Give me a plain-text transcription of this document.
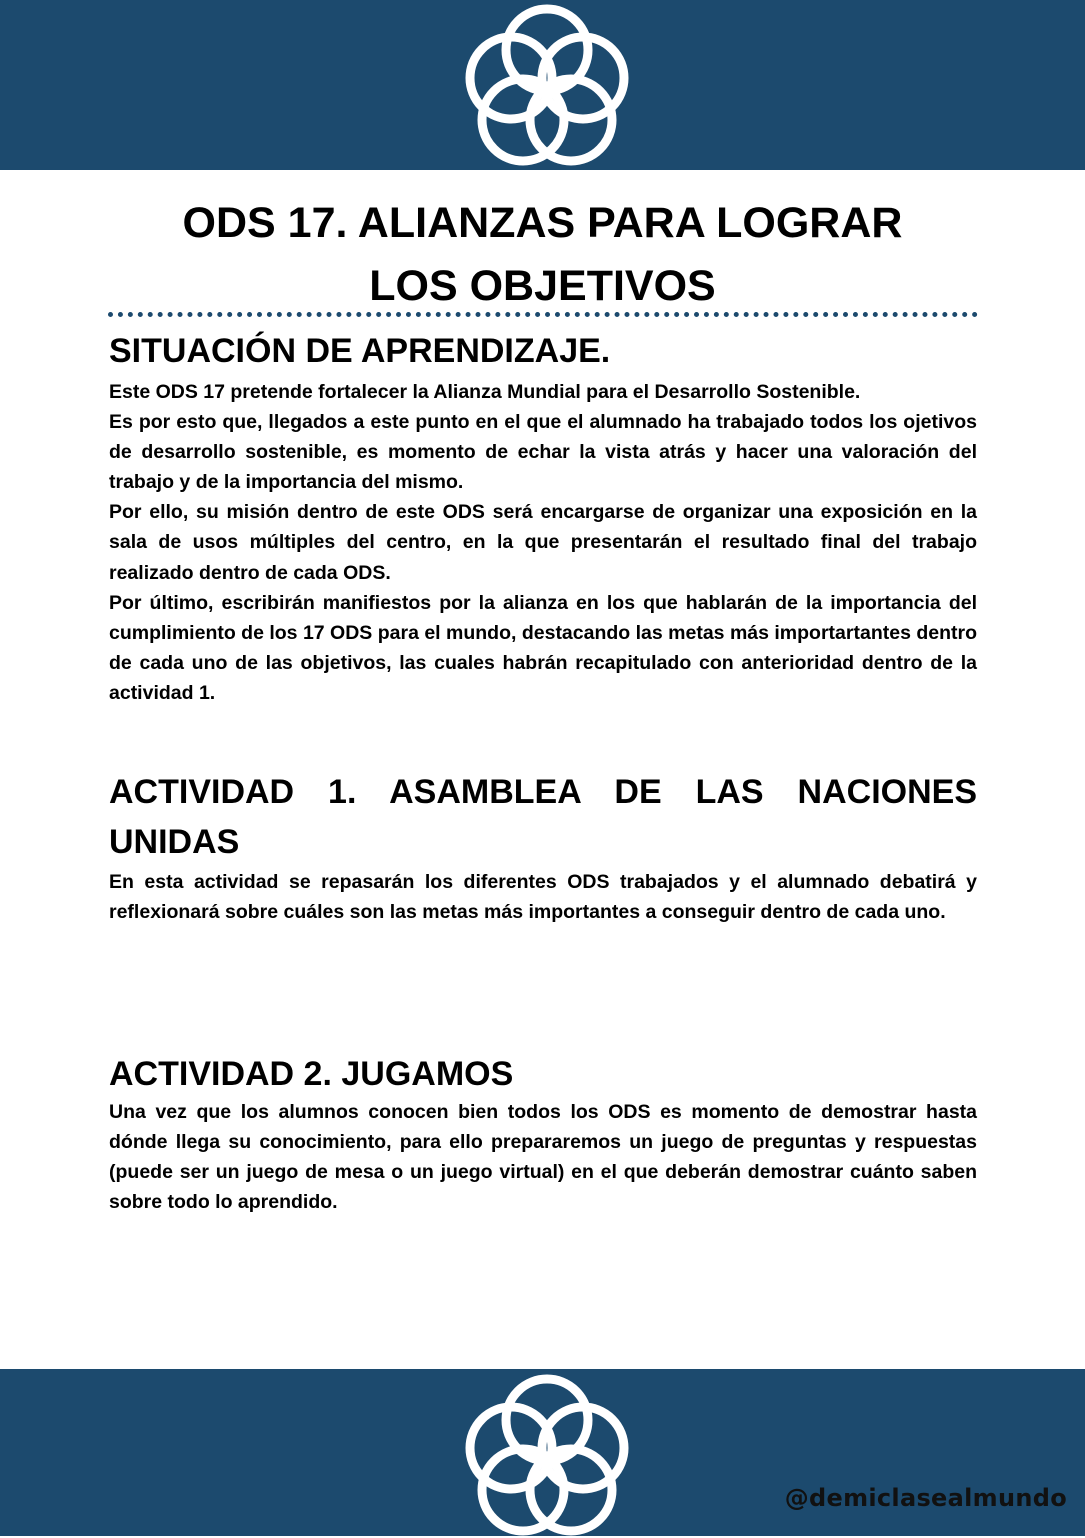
ODS 17. ALIANZAS PARA LOGRAR
LOS OBJETIVOS
SITUACIÓN DE APRENDIZAJE.

Este ODS 17 pretende fortalecer la Alianza Mundial para el Desarrollo Sostenible.

Es por esto que, llegados a este punto en el que el alumnado ha trabajado todos los ojetivos de desarrollo sostenible, es momento de echar la vista atrás y hacer una valoración del trabajo y de la importancia del mismo.

Por ello, su misión dentro de este ODS será encargarse de organizar una exposición en la sala de usos múltiples del centro, en la que presentarán el resultado final del trabajo realizado dentro de cada ODS.

Por último, escribirán manifiestos por la alianza en los que hablarán de la importancia del cumplimiento de los 17 ODS para el mundo, destacando las metas más importartantes dentro de cada uno de las objetivos, las cuales habrán recapitulado con anterioridad dentro de la actividad 1.

ACTIVIDAD 1. ASAMBLEA DE LAS NACIONES UNIDAS

En esta actividad se repasarán los diferentes ODS trabajados y el alumnado debatirá y reflexionará sobre cuáles son las metas más importantes a conseguir dentro de cada uno.

ACTIVIDAD 2. JUGAMOS

Una vez que los alumnos conocen bien todos los ODS es momento de demostrar hasta dónde llega su conocimiento, para ello prepararemos un juego de preguntas y respuestas (puede ser un juego de mesa o un juego virtual) en el que deberán demostrar cuánto saben sobre todo lo aprendido.

@demiclasealmundo
